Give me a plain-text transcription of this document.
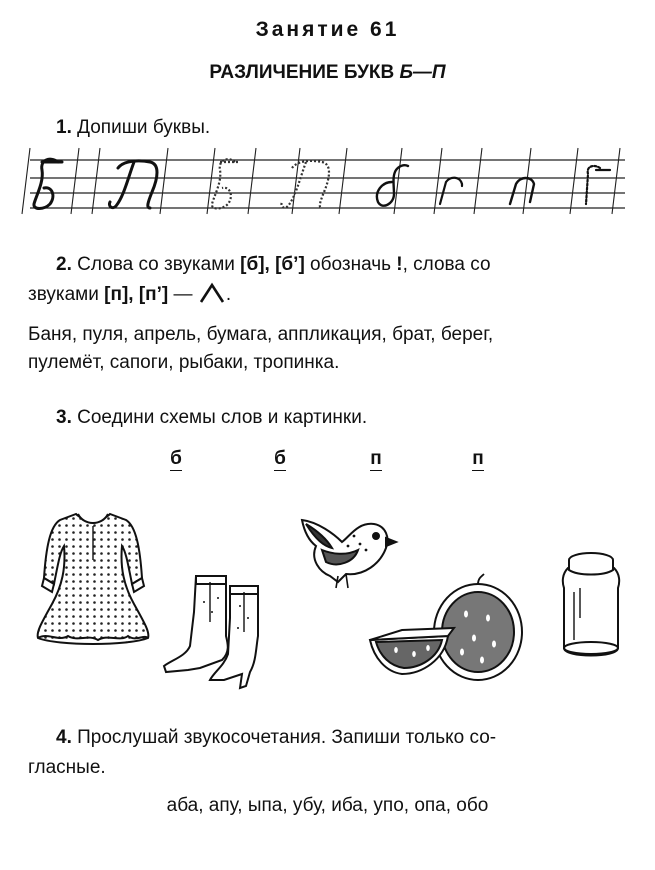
Занятие 61
РАЗЛИЧЕНИЕ БУКВ Б—П
1. Допиши буквы.
2. Слова со звуками [б], [б’] обозначь !, слова со
звуками [п], [п’] — .
Баня, пуля, апрель, бумага, аппликация, брат, берег,
пулемёт, сапоги, рыбаки, тропинка.
3. Соедини схемы слов и картинки.
б	б	п	п
4. Прослушай звукосочетания. Запиши только со-
гласные.
аба, апу, ыпа, убу, иба, упо, опа, обо
